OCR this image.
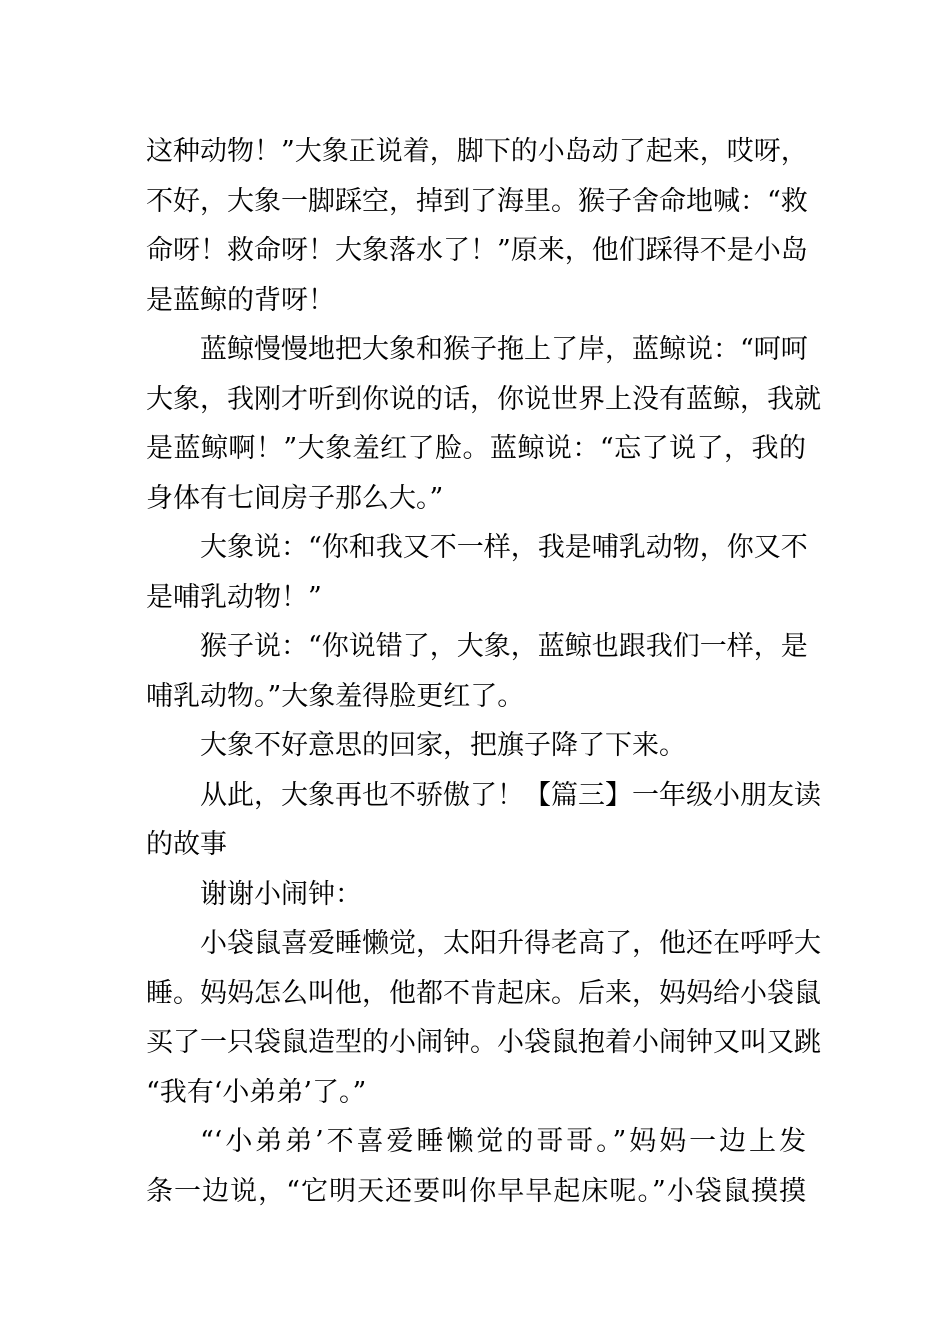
这种动物！”大象正说着，脚下的小岛动了起来，哎呀，
不好，大象一脚踩空，掉到了海里。猴子舍命地喊：“救
命呀！救命呀！大象落水了！”原来，他们踩得不是小岛
是蓝鲸的背呀！

蓝鲸慢慢地把大象和猴子拖上了岸，蓝鲸说：“呵呵
大象，我刚才听到你说的话，你说世界上没有蓝鲸，我就
是蓝鲸啊！”大象羞红了脸。蓝鲸说：“忘了说了，我的
身体有七间房子那么大。”

大象说：“你和我又不一样，我是哺乳动物，你又不
是哺乳动物！”

猴子说：“你说错了，大象，蓝鲸也跟我们一样，是
哺乳动物。”大象羞得脸更红了。

大象不好意思的回家，把旗子降了下来。

从此，大象再也不骄傲了！【篇三】一年级小朋友读
的故事

谢谢小闹钟：

小袋鼠喜爱睡懒觉，太阳升得老高了，他还在呼呼大
睡。妈妈怎么叫他，他都不肯起床。后来，妈妈给小袋鼠
买了一只袋鼠造型的小闹钟。小袋鼠抱着小闹钟又叫又跳
“我有‘小弟弟’了。”

“‘小弟弟’不喜爱睡懒觉的哥哥。”妈妈一边上发
条一边说，“它明天还要叫你早早起床呢。”小袋鼠摸摸
